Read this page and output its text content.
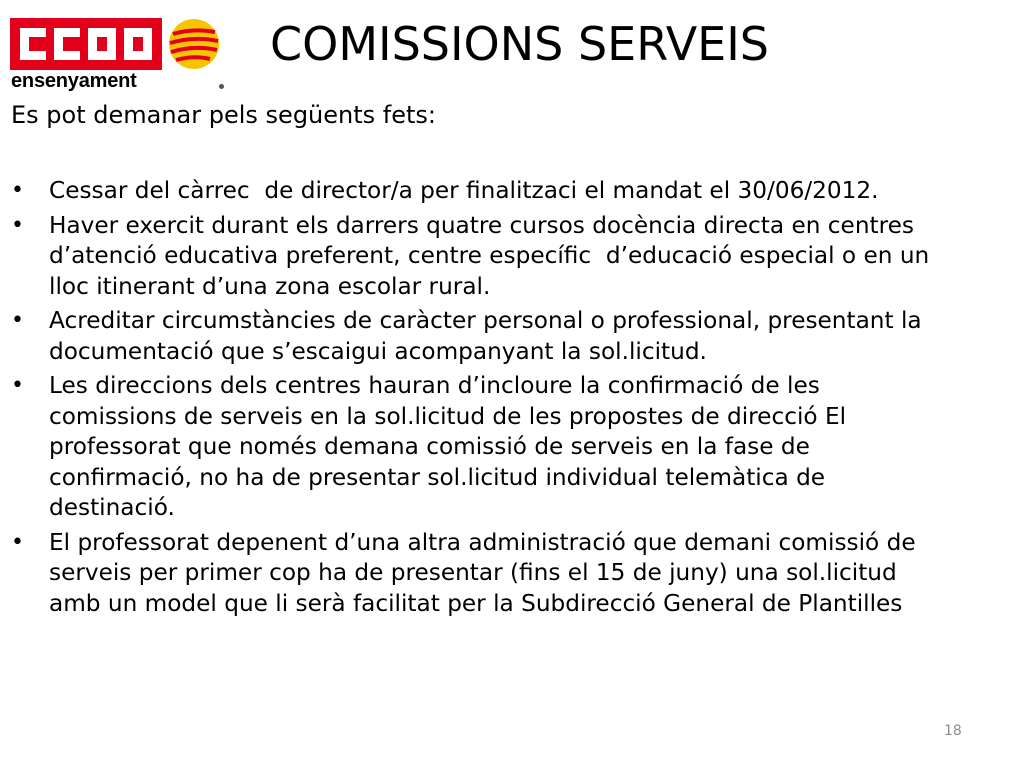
ensenyament
COMISSIONS SERVEIS
Es pot demanar pels següents fets:
•	Cessar del càrrec  de director/a per finalitzaci el mandat el 30/06/2012.
•	Haver exercit durant els darrers quatre cursos docència directa en centres
d’atenció educativa preferent, centre específic  d’educació especial o en un
lloc itinerant d’una zona escolar rural.
•	Acreditar circumstàncies de caràcter personal o professional, presentant la
documentació que s’escaigui acompanyant la sol.licitud.
•	Les direccions dels centres hauran d’incloure la confirmació de les
comissions de serveis en la sol.licitud de les propostes de direcció El
professorat que només demana comissió de serveis en la fase de
confirmació, no ha de presentar sol.licitud individual telemàtica de
destinació.
•	El professorat depenent d’una altra administració que demani comissió de
serveis per primer cop ha de presentar (fins el 15 de juny) una sol.licitud
amb un model que li serà facilitat per la Subdirecció General de Plantilles
18
